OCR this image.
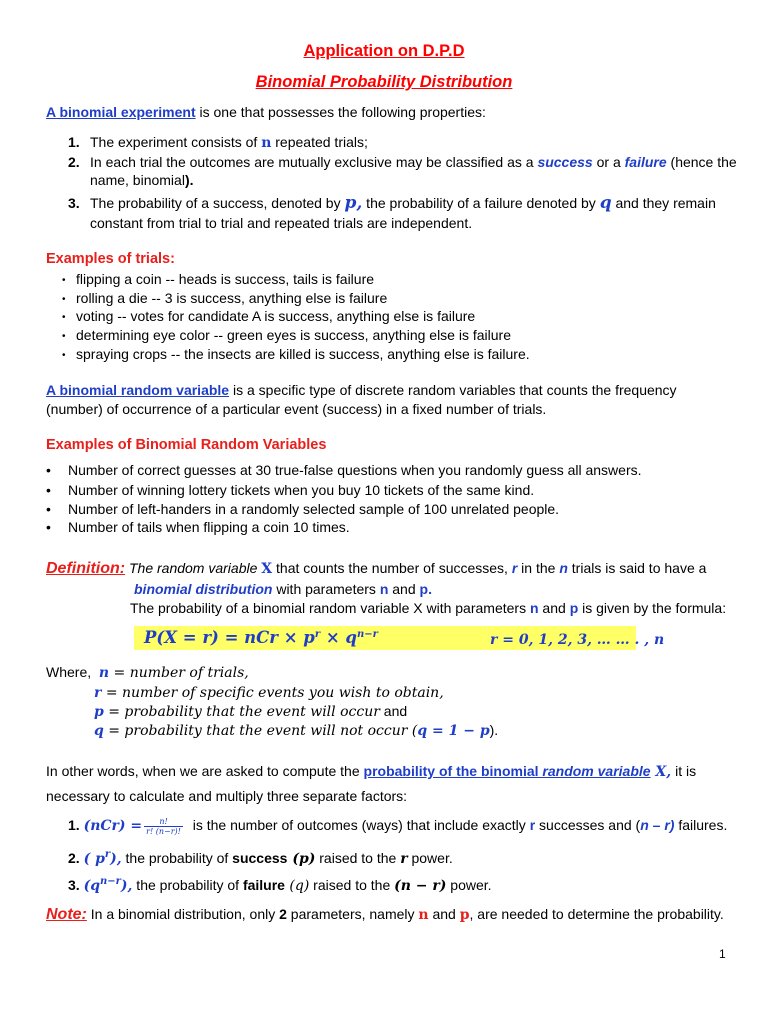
Application on D.P.D
Binomial Probability Distribution
A binomial experiment is one that possesses the following properties:
1. The experiment consists of n repeated trials;
2. In each trial the outcomes are mutually exclusive may be classified as a success or a failure (hence the
name, binomial).
3. The probability of a success, denoted by p, the probability of a failure denoted by q and they remain
constant from trial to trial and repeated trials are independent.
Examples of trials:
• flipping a coin -- heads is success, tails is failure
• rolling a die -- 3 is success, anything else is failure
• voting -- votes for candidate A is success, anything else is failure
• determining eye color -- green eyes is success, anything else is failure
• spraying crops -- the insects are killed is success, anything else is failure.
A binomial random variable is a specific type of discrete random variables that counts the frequency
(number) of occurrence of a particular event (success) in a fixed number of trials.
Examples of Binomial Random Variables
• Number of correct guesses at 30 true-false questions when you randomly guess all answers.
• Number of winning lottery tickets when you buy 10 tickets of the same kind.
• Number of left-handers in a randomly selected sample of 100 unrelated people.
• Number of tails when flipping a coin 10 times.
Definition: The random variable X that counts the number of successes, r in the n trials is said to have a
binomial distribution with parameters n and p.
The probability of a binomial random variable X with parameters n and p is given by the formula:
P(X = r) = nCr × $p^r \times q^{n-r}$	r = 0, 1, 2, 3, … … . , n
Where, n = number of trials,
r = number of specific events you wish to obtain,
p = probability that the event will occur and
q = probability that the event will not occur (q = 1 − p).
In other words, when we are asked to compute the probability of the binomial random variable X, it is
necessary to calculate and multiply three separate factors:
1. $(nCr) = \frac{n!}{r! (n-r)!}$ is the number of outcomes (ways) that include exactly r successes and (n – r) failures.
2. ( $p^r$), the probability of success (p) raised to the r power.
3. $(q^{n-r})$, the probability of failure (q) raised to the (n − r) power.
Note: In a binomial distribution, only 2 parameters, namely n and p, are needed to determine the probability.
1
